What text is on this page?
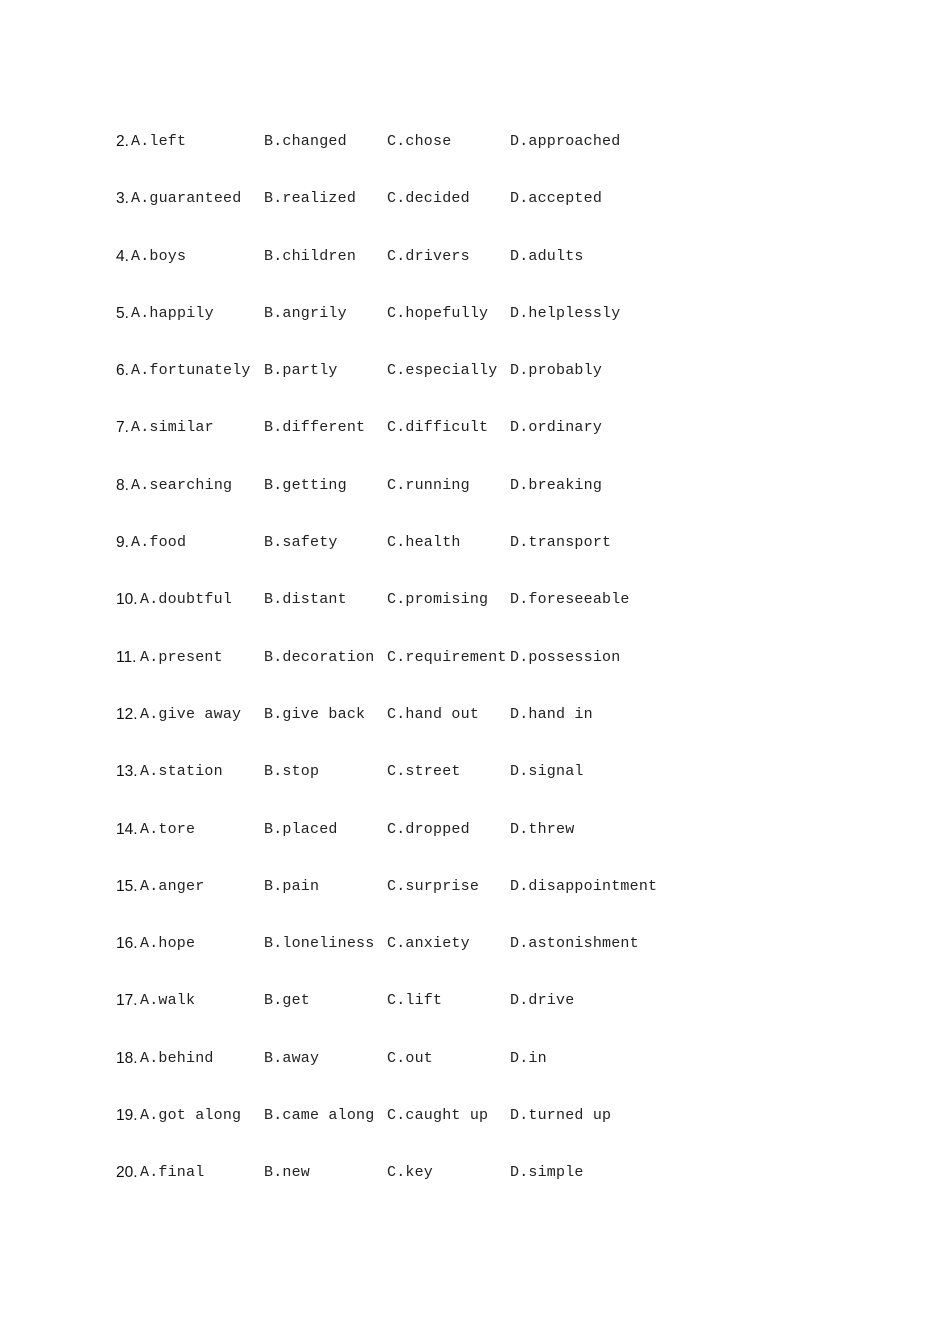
2. A.left	B.changed	C.chose	D.approached
3. A.guaranteed B.realized C.decided	D.accepted
4. A.boys	B.children C.drivers	D.adults
5. A.happily	B.angrily	C.hopefully D.helplessly
6. A.fortunately B.partly	C.especially D.probably
7. A.similar	B.different C.difficult D.ordinary
8. A.searching B.getting	C.running	D.breaking
9. A.food	B.safety	C.health	D.transport
10. A.doubtful B.distant	C.promising D.foreseeable
11. A.present	B.decoration C.requirement D.possession
12. A.give away B.give back C.hand out D.hand in
13. A.station	B.stop	C.street	D.signal
14. A.tore	B.placed	C.dropped	D.threw
15. A.anger	B.pain	C.surprise D.disappointment
16. A.hope	B.loneliness C.anxiety	D.astonishment
17. A.walk	B.get	C.lift	D.drive
18. A.behind	B.away	C.out	D.in
19. A.got along B.came along C.caught up D.turned up
20. A.final	B.new	C.key	D.simple
